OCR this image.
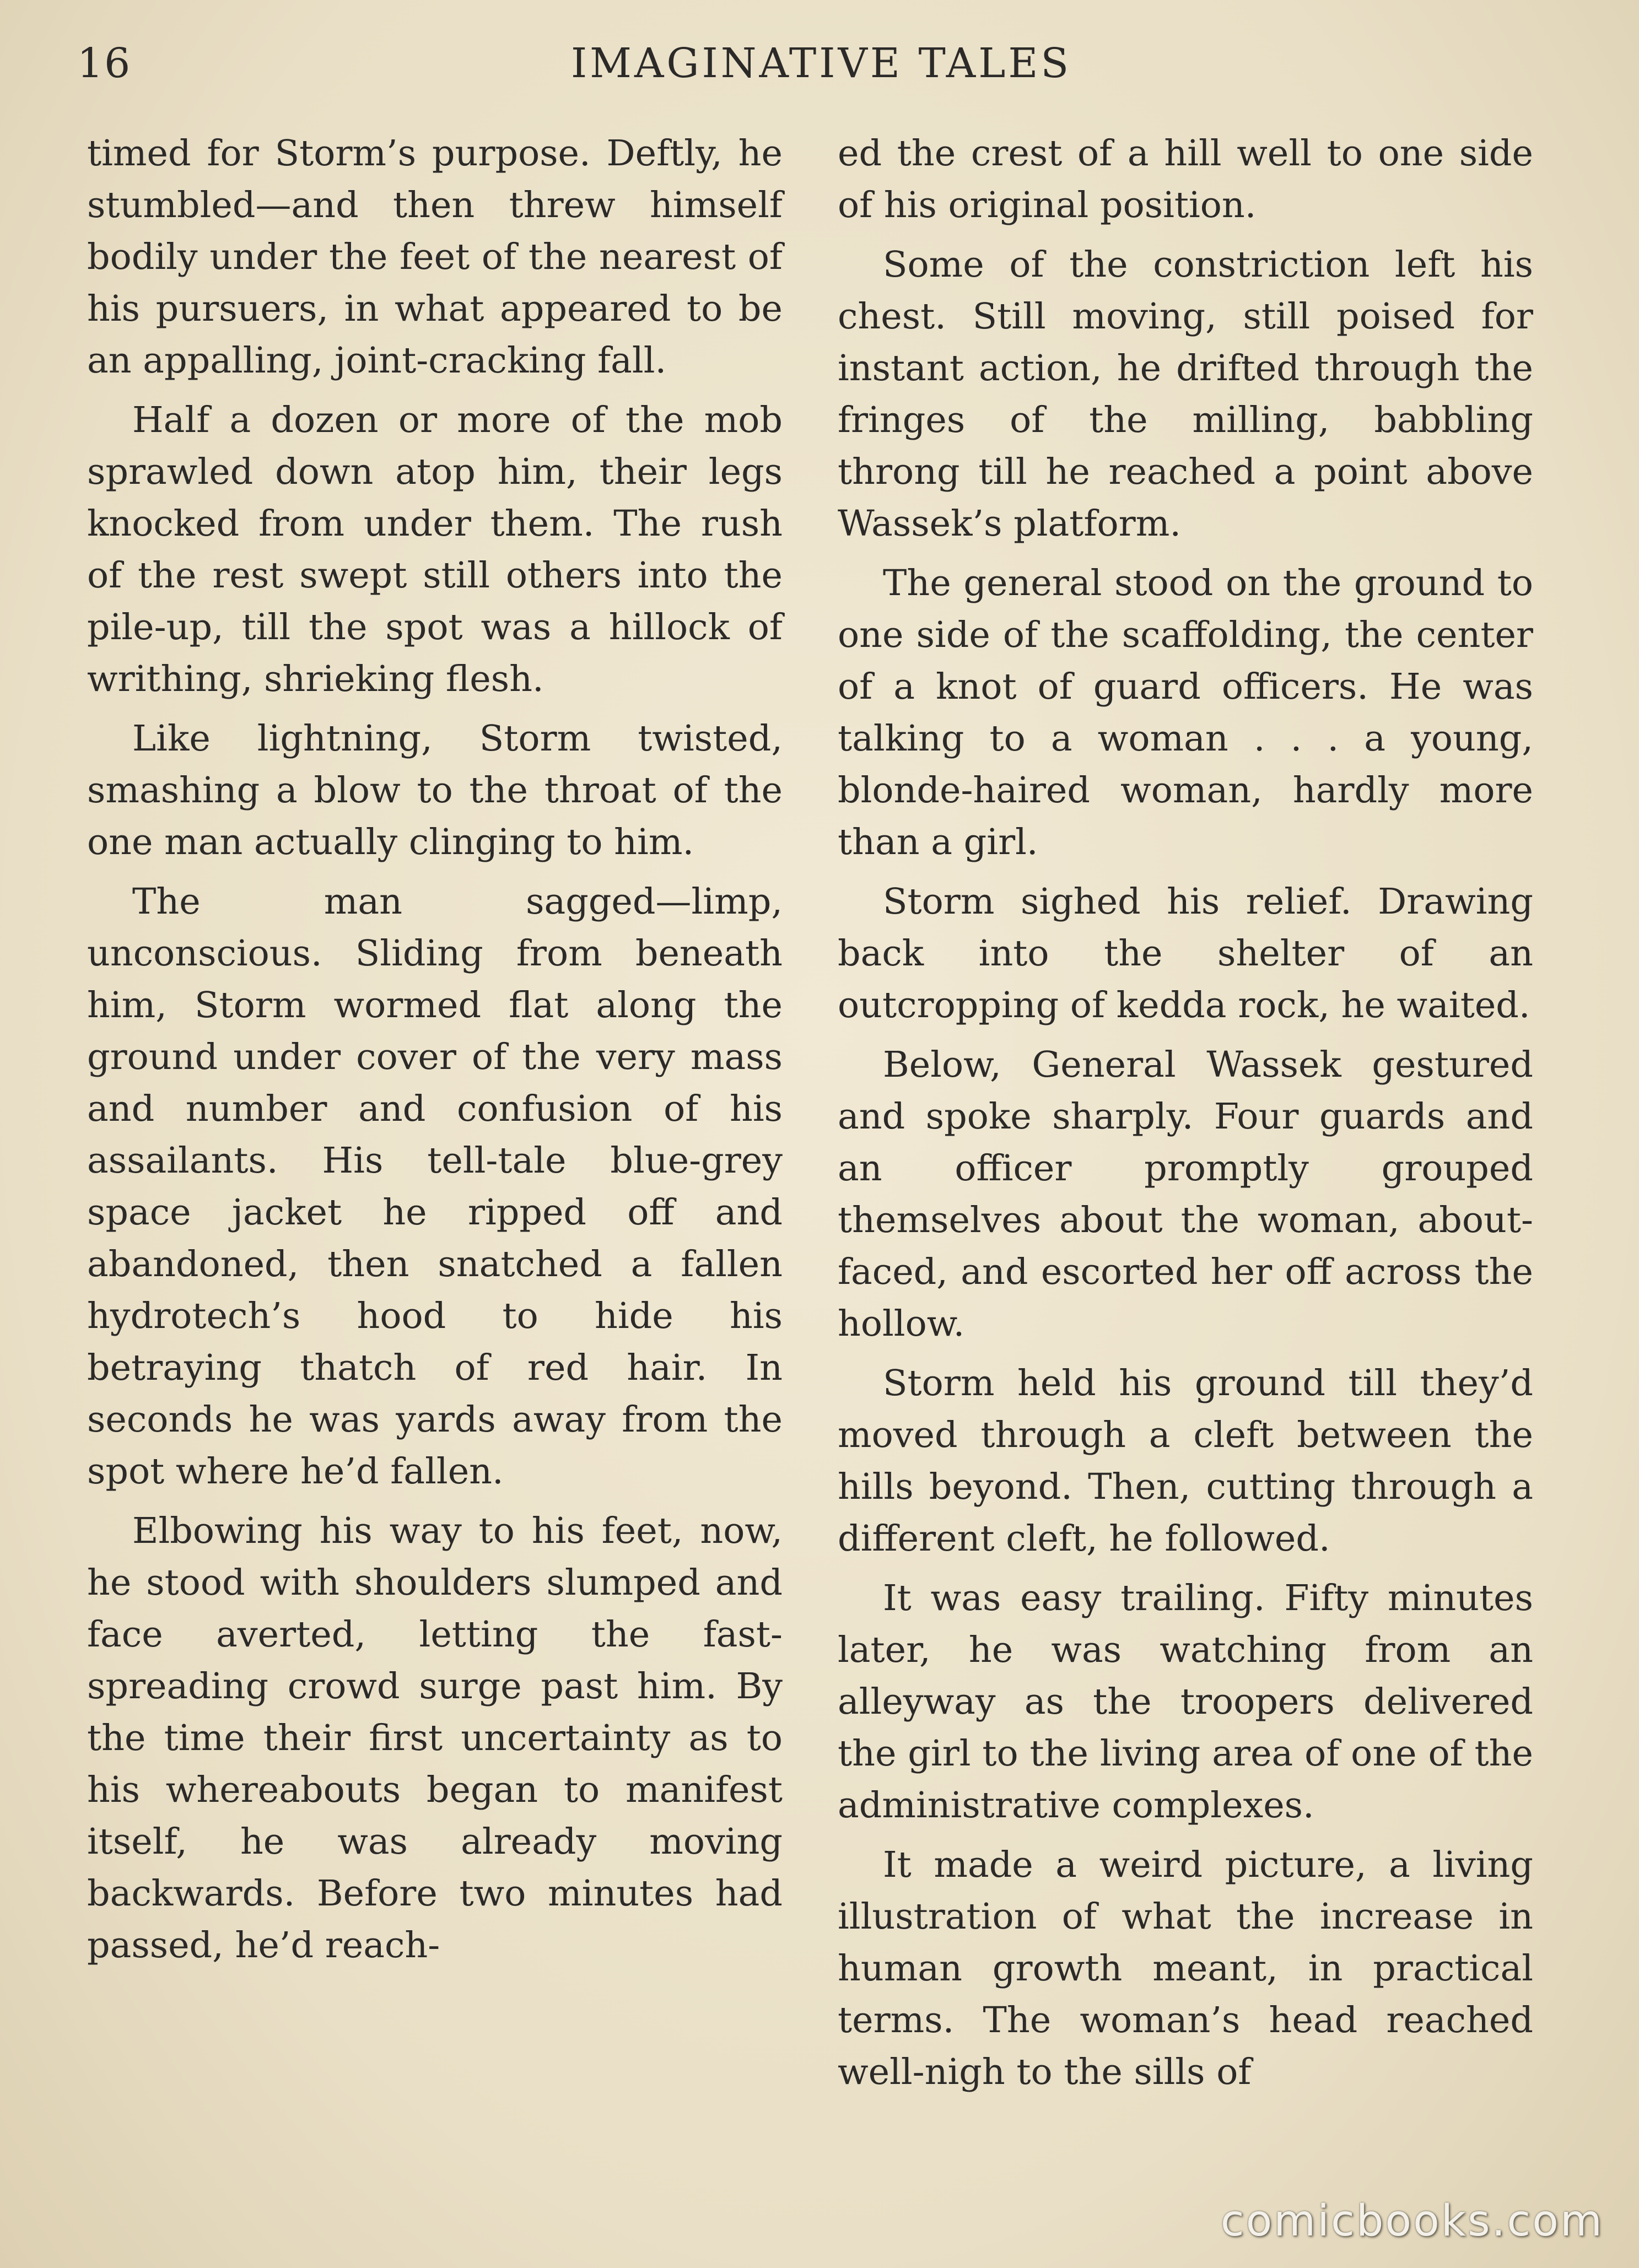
16	IMAGINATIVE TALES

timed for Storm’s purpose. Deftly, he stumbled—and then threw himself bodily under the feet of the nearest of his pursuers, in what appeared to be an appalling, joint-cracking fall.

Half a dozen or more of the mob sprawled down atop him, their legs knocked from under them. The rush of the rest swept still others into the pile-up, till the spot was a hillock of writhing, shrieking flesh.

Like lightning, Storm twisted, smashing a blow to the throat of the one man actually clinging to him.

The man sagged—limp, unconscious. Sliding from beneath him, Storm wormed flat along the ground under cover of the very mass and number and confusion of his assailants. His tell-tale blue-grey space jacket he ripped off and abandoned, then snatched a fallen hydrotech’s hood to hide his betraying thatch of red hair. In seconds he was yards away from the spot where he’d fallen.

Elbowing his way to his feet, now, he stood with shoulders slumped and face averted, letting the fast-spreading crowd surge past him. By the time their first uncertainty as to his whereabouts began to manifest itself, he was already moving backwards. Before two minutes had passed, he’d reach-

ed the crest of a hill well to one side of his original position.

Some of the constriction left his chest. Still moving, still poised for instant action, he drifted through the fringes of the milling, babbling throng till he reached a point above Wassek’s platform.

The general stood on the ground to one side of the scaffolding, the center of a knot of guard officers. He was talking to a woman . . . a young, blonde-haired woman, hardly more than a girl.

Storm sighed his relief. Drawing back into the shelter of an outcropping of kedda rock, he waited.

Below, General Wassek gestured and spoke sharply. Four guards and an officer promptly grouped themselves about the woman, about-faced, and escorted her off across the hollow.

Storm held his ground till they’d moved through a cleft between the hills beyond. Then, cutting through a different cleft, he followed.

It was easy trailing. Fifty minutes later, he was watching from an alleyway as the troopers delivered the girl to the living area of one of the administrative complexes.

It made a weird picture, a living illustration of what the increase in human growth meant, in practical terms. The woman’s head reached well-nigh to the sills of

comicbooks.com
